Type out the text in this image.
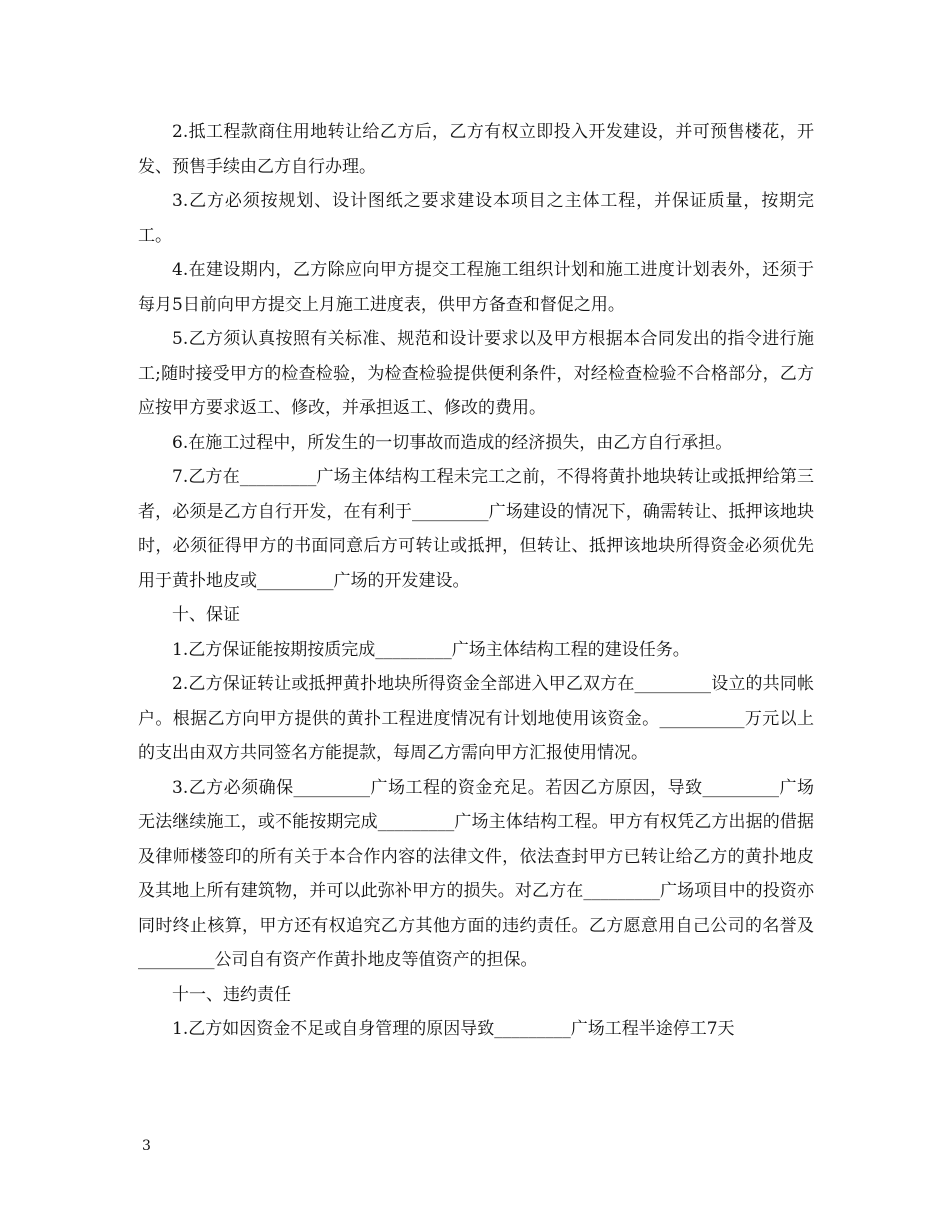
2.抵工程款商住用地转让给乙方后，乙方有权立即投入开发建设，并可预售楼花，开发、预售手续由乙方自行办理。

3.乙方必须按规划、设计图纸之要求建设本项目之主体工程，并保证质量，按期完工。

4.在建设期内，乙方除应向甲方提交工程施工组织计划和施工进度计划表外，还须于每月5日前向甲方提交上月施工进度表，供甲方备查和督促之用。

5.乙方须认真按照有关标准、规范和设计要求以及甲方根据本合同发出的指令进行施工;随时接受甲方的检查检验，为检查检验提供便利条件，对经检查检验不合格部分，乙方应按甲方要求返工、修改，并承担返工、修改的费用。

6.在施工过程中，所发生的一切事故而造成的经济损失，由乙方自行承担。

7.乙方在_________广场主体结构工程未完工之前，不得将黄扑地块转让或抵押给第三者，必须是乙方自行开发，在有利于_________广场建设的情况下，确需转让、抵押该地块时，必须征得甲方的书面同意后方可转让或抵押，但转让、抵押该地块所得资金必须优先用于黄扑地皮或_________广场的开发建设。

十、保证

1.乙方保证能按期按质完成_________广场主体结构工程的建设任务。

2.乙方保证转让或抵押黄扑地块所得资金全部进入甲乙双方在_________设立的共同帐户。根据乙方向甲方提供的黄扑工程进度情况有计划地使用该资金。__________万元以上的支出由双方共同签名方能提款，每周乙方需向甲方汇报使用情况。

3.乙方必须确保_________广场工程的资金充足。若因乙方原因，导致_________广场无法继续施工，或不能按期完成_________广场主体结构工程。甲方有权凭乙方出据的借据及律师楼签印的所有关于本合作内容的法律文件，依法查封甲方已转让给乙方的黄扑地皮及其地上所有建筑物，并可以此弥补甲方的损失。对乙方在_________广场项目中的投资亦同时终止核算，甲方还有权追究乙方其他方面的违约责任。乙方愿意用自己公司的名誉及_________公司自有资产作黄扑地皮等值资产的担保。

十一、违约责任

1.乙方如因资金不足或自身管理的原因导致_________广场工程半途停工7天

3
